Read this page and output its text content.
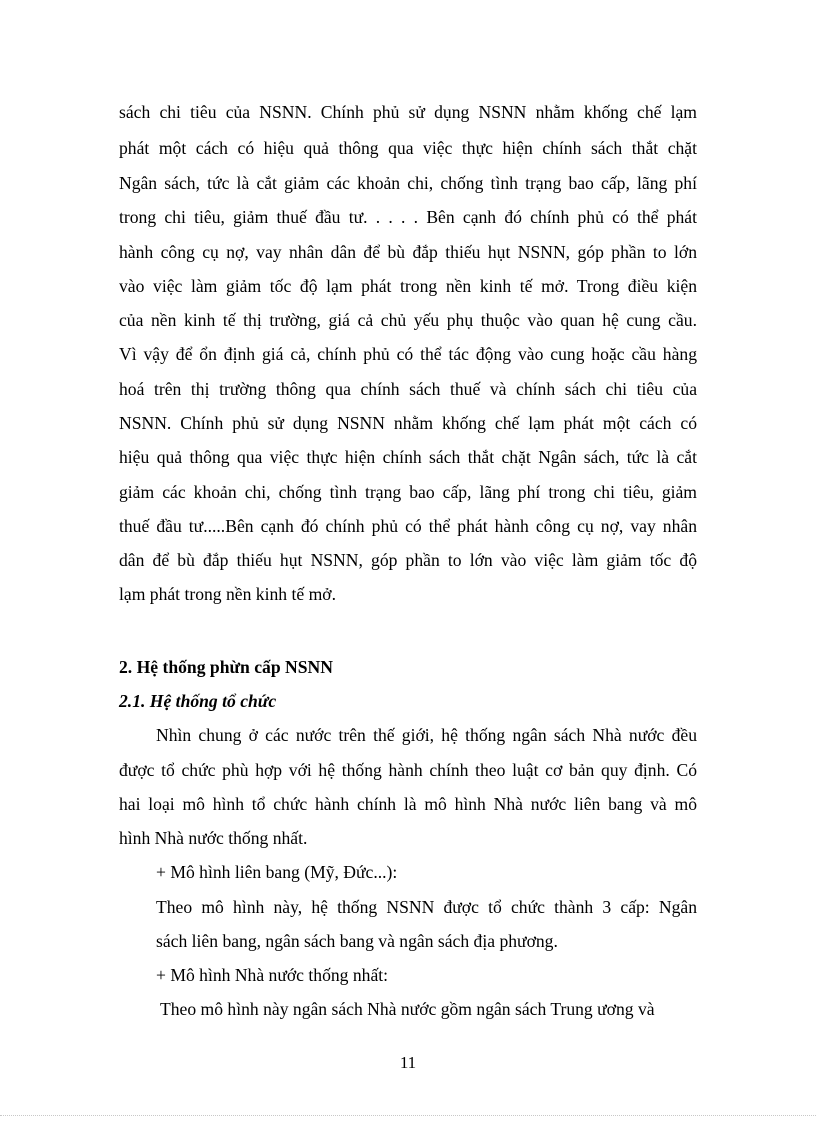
sách chi tiêu của NSNN. Chính phủ sử dụng NSNN nhằm khống chế lạm
phát một cách có hiệu quả thông qua việc thực hiện chính sách thắt chặt
Ngân sách, tức là cắt giảm các khoản chi, chống tình trạng bao cấp, lãng phí
trong chi tiêu, giảm thuế đầu tư. . . . . Bên cạnh đó chính phủ có thể phát
hành công cụ nợ, vay nhân dân để bù đắp thiếu hụt NSNN, góp phần to lớn
vào việc làm giảm tốc độ lạm phát trong nền kinh tế mở. Trong điều kiện
của nền kinh tế thị trường, giá cả chủ yếu phụ thuộc vào quan hệ cung cầu.
Vì vậy để ổn định giá cả, chính phủ có thể tác động vào cung hoặc cầu hàng
hoá trên thị trường thông qua chính sách thuế và chính sách chi tiêu của
NSNN. Chính phủ sử dụng NSNN nhằm khống chế lạm phát một cách có
hiệu quả thông qua việc thực hiện chính sách thắt chặt Ngân sách, tức là cắt
giảm các khoản chi, chống tình trạng bao cấp, lãng phí trong chi tiêu, giảm
thuế đầu tư.....Bên cạnh đó chính phủ có thể phát hành công cụ nợ, vay nhân
dân để bù đắp thiếu hụt NSNN, góp phần to lớn vào việc làm giảm tốc độ
lạm phát trong nền kinh tế mở.
2. Hệ thống phừn cấp NSNN
2.1. Hệ thống tổ chức
Nhìn chung ở các nước trên thế giới, hệ thống ngân sách Nhà nước đều
được tổ chức phù hợp với hệ thống hành chính theo luật cơ bản quy định. Có
hai loại mô hình tổ chức hành chính là mô hình Nhà nước liên bang và mô
hình Nhà nước thống nhất.
+ Mô hình liên bang (Mỹ, Đức...):
Theo mô hình này, hệ thống NSNN được tổ chức thành 3 cấp: Ngân
sách liên bang, ngân sách bang và ngân sách địa phương.
+ Mô hình Nhà nước thống nhất:
Theo mô hình này ngân sách Nhà nước gồm ngân sách Trung ương và
11
